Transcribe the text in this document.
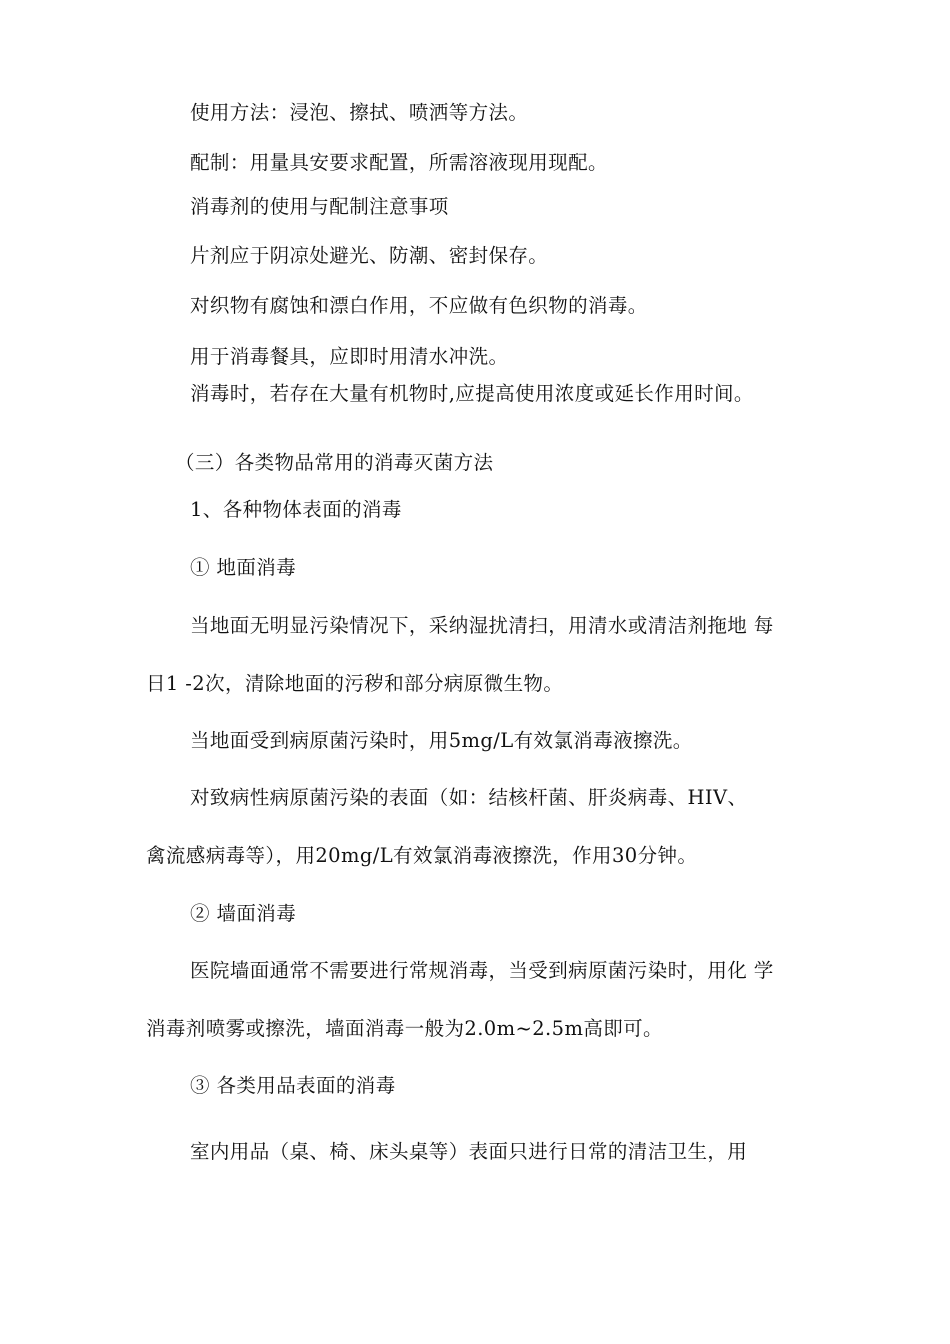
使用方法：浸泡、擦拭、喷洒等方法。
配制：用量具安要求配置，所需溶液现用现配。
消毒剂的使用与配制注意事项
片剂应于阴凉处避光、防潮、密封保存。
对织物有腐蚀和漂白作用，不应做有色织物的消毒。
用于消毒餐具，应即时用清水冲洗。
消毒时，若存在大量有机物时,应提高使用浓度或延长作用时间。
（三）各类物品常用的消毒灭菌方法
1、各种物体表面的消毒
① 地面消毒
当地面无明显污染情况下，采纳湿扰清扫，用清水或清洁剂拖地 每
日1 -2次，清除地面的污秽和部分病原微生物。
当地面受到病原菌污染时，用5mg/L有效氯消毒液擦洗。
对致病性病原菌污染的表面（如：结核杆菌、肝炎病毒、HIV、
禽流感病毒等），用20mg/L有效氯消毒液擦洗，作用30分钟。
② 墙面消毒
医院墙面通常不需要进行常规消毒，当受到病原菌污染时，用化 学
消毒剂喷雾或擦洗，墙面消毒一般为2.0m~2.5m高即可。
③ 各类用品表面的消毒
室内用品（桌、椅、床头桌等）表面只进行日常的清洁卫生，用
